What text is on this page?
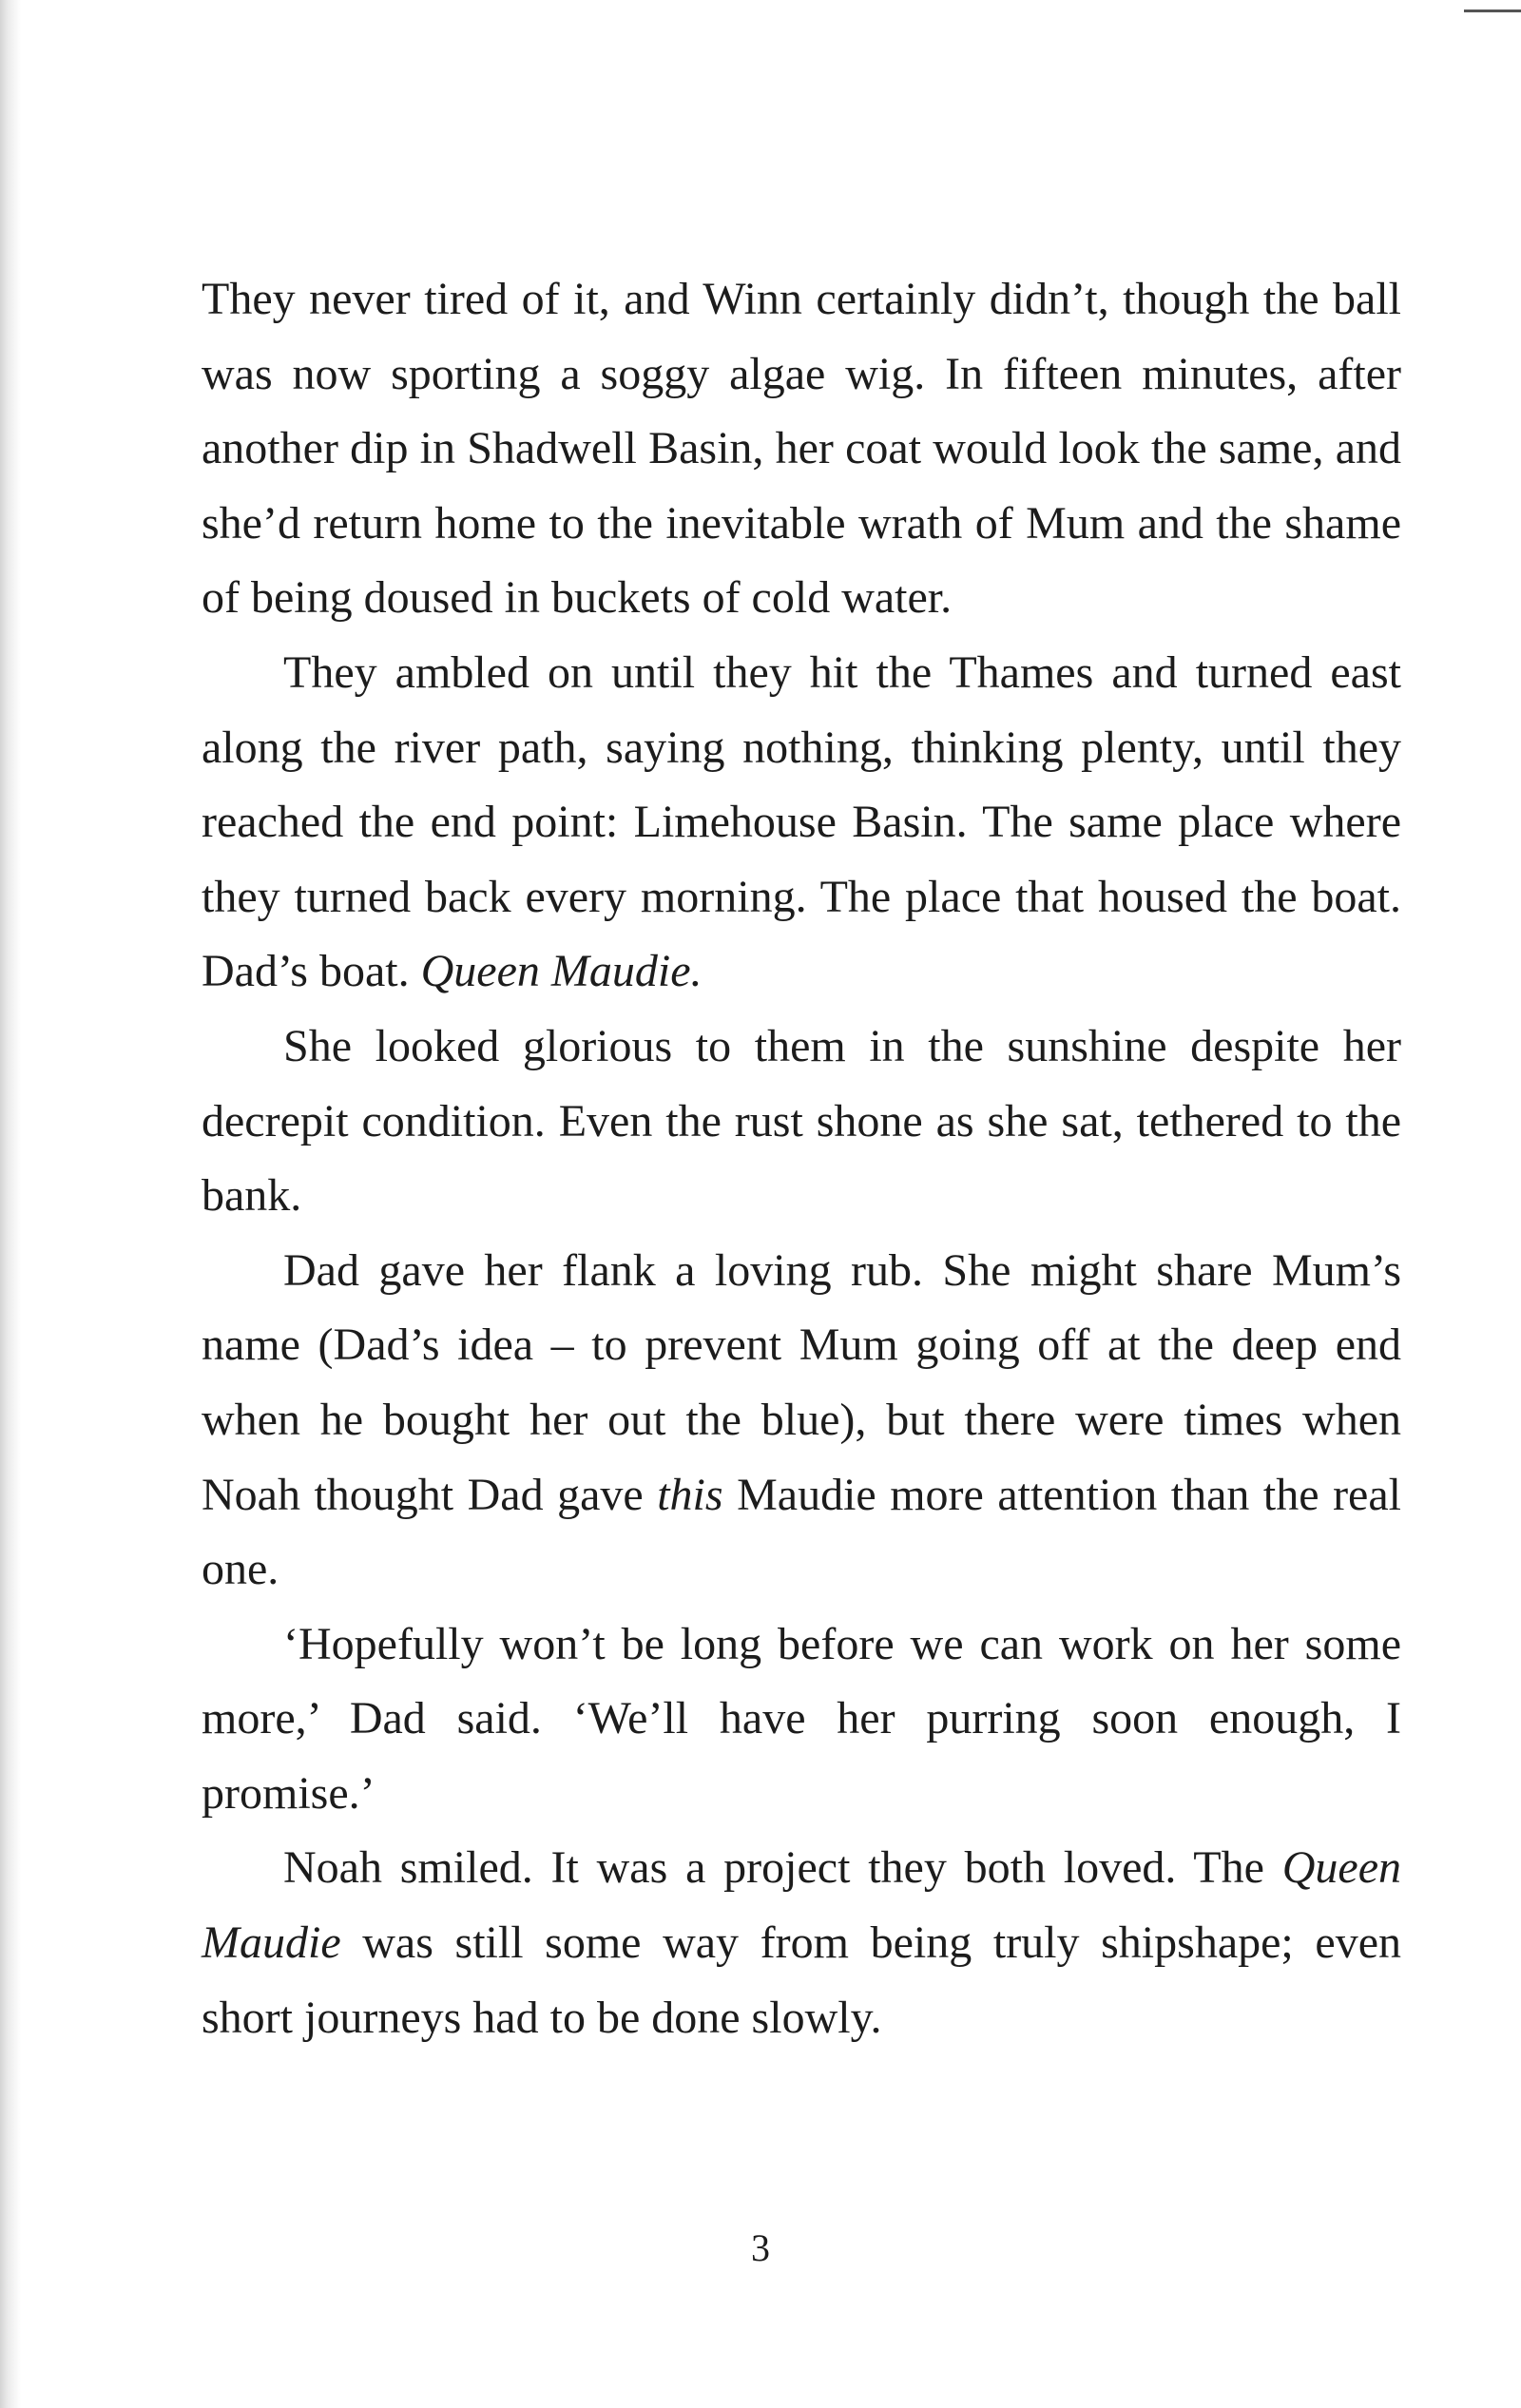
They never tired of it, and Winn certainly didn’t, though the ball was now sporting a soggy algae wig. In fifteen minutes, after another dip in Shadwell Basin, her coat would look the same, and she’d return home to the inevitable wrath of Mum and the shame of being doused in buckets of cold water.

They ambled on until they hit the Thames and turned east along the river path, saying nothing, thinking plenty, until they reached the end point: Limehouse Basin. The same place where they turned back every morning. The place that housed the boat. Dad’s boat. Queen Maudie.

She looked glorious to them in the sunshine despite her decrepit condition. Even the rust shone as she sat, tethered to the bank.

Dad gave her flank a loving rub. She might share Mum’s name (Dad’s idea – to prevent Mum going off at the deep end when he bought her out the blue), but there were times when Noah thought Dad gave this Maudie more attention than the real one.

‘Hopefully won’t be long before we can work on her some more,’ Dad said. ‘We’ll have her purring soon enough, I promise.’

Noah smiled. It was a project they both loved. The Queen Maudie was still some way from being truly shipshape; even short journeys had to be done slowly.

3
